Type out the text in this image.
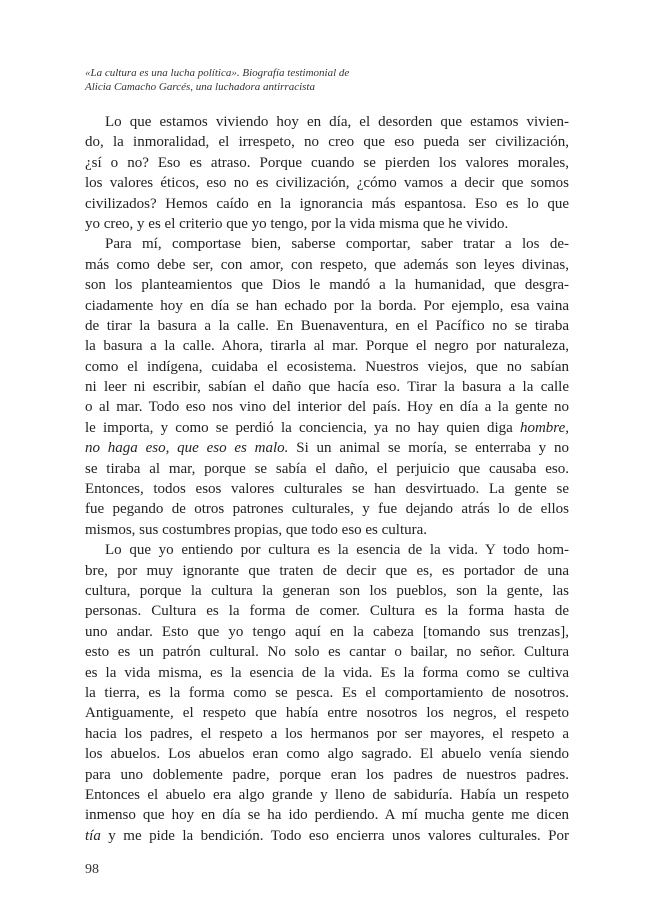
«La cultura es una lucha política». Biografía testimonial de
Alicia Camacho Garcés, una luchadora antirracista
Lo que estamos viviendo hoy en día, el desorden que estamos vivien-
do, la inmoralidad, el irrespeto, no creo que eso pueda ser civilización,
¿sí o no? Eso es atraso. Porque cuando se pierden los valores morales,
los valores éticos, eso no es civilización, ¿cómo vamos a decir que somos
civilizados? Hemos caído en la ignorancia más espantosa. Eso es lo que
yo creo, y es el criterio que yo tengo, por la vida misma que he vivido.
Para mí, comportase bien, saberse comportar, saber tratar a los de-
más como debe ser, con amor, con respeto, que además son leyes divinas,
son los planteamientos que Dios le mandó a la humanidad, que desgra-
ciadamente hoy en día se han echado por la borda. Por ejemplo, esa vaina
de tirar la basura a la calle. En Buenaventura, en el Pacífico no se tiraba
la basura a la calle. Ahora, tirarla al mar. Porque el negro por naturaleza,
como el indígena, cuidaba el ecosistema. Nuestros viejos, que no sabían
ni leer ni escribir, sabían el daño que hacía eso. Tirar la basura a la calle
o al mar. Todo eso nos vino del interior del país. Hoy en día a la gente no
le importa, y como se perdió la conciencia, ya no hay quien diga hombre,
no haga eso, que eso es malo. Si un animal se moría, se enterraba y no
se tiraba al mar, porque se sabía el daño, el perjuicio que causaba eso.
Entonces, todos esos valores culturales se han desvirtuado. La gente se
fue pegando de otros patrones culturales, y fue dejando atrás lo de ellos
mismos, sus costumbres propias, que todo eso es cultura.
Lo que yo entiendo por cultura es la esencia de la vida. Y todo hom-
bre, por muy ignorante que traten de decir que es, es portador de una
cultura, porque la cultura la generan son los pueblos, son la gente, las
personas. Cultura es la forma de comer. Cultura es la forma hasta de
uno andar. Esto que yo tengo aquí en la cabeza [tomando sus trenzas],
esto es un patrón cultural. No solo es cantar o bailar, no señor. Cultura
es la vida misma, es la esencia de la vida. Es la forma como se cultiva
la tierra, es la forma como se pesca. Es el comportamiento de nosotros.
Antiguamente, el respeto que había entre nosotros los negros, el respeto
hacia los padres, el respeto a los hermanos por ser mayores, el respeto a
los abuelos. Los abuelos eran como algo sagrado. El abuelo venía siendo
para uno doblemente padre, porque eran los padres de nuestros padres.
Entonces el abuelo era algo grande y lleno de sabiduría. Había un respeto
inmenso que hoy en día se ha ido perdiendo. A mí mucha gente me dicen
tía y me pide la bendición. Todo eso encierra unos valores culturales. Por
98
